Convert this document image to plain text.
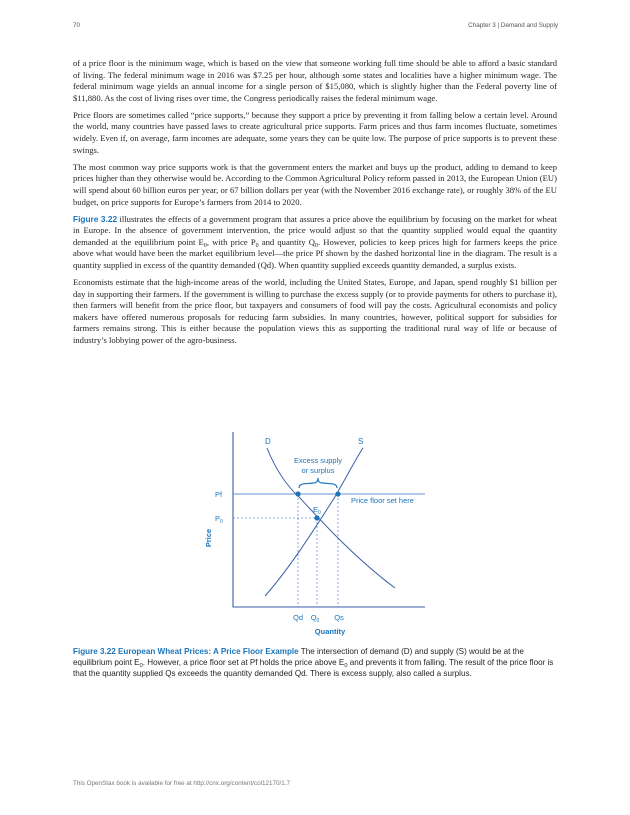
70	Chapter 3 | Demand and Supply

of a price floor is the minimum wage, which is based on the view that someone working full time should be able to afford a basic standard of living. The federal minimum wage in 2016 was $7.25 per hour, although some states and localities have a higher minimum wage. The federal minimum wage yields an annual income for a single person of $15,080, which is slightly higher than the Federal poverty line of $11,880. As the cost of living rises over time, the Congress periodically raises the federal minimum wage.

Price floors are sometimes called “price supports,” because they support a price by preventing it from falling below a certain level. Around the world, many countries have passed laws to create agricultural price supports. Farm prices and thus farm incomes fluctuate, sometimes widely. Even if, on average, farm incomes are adequate, some years they can be quite low. The purpose of price supports is to prevent these swings.

The most common way price supports work is that the government enters the market and buys up the product, adding to demand to keep prices higher than they otherwise would be. According to the Common Agricultural Policy reform passed in 2013, the European Union (EU) will spend about 60 billion euros per year, or 67 billion dollars per year (with the November 2016 exchange rate), or roughly 38% of the EU budget, on price supports for Europe’s farmers from 2014 to 2020.

Figure 3.22 illustrates the effects of a government program that assures a price above the equilibrium by focusing on the market for wheat in Europe. In the absence of government intervention, the price would adjust so that the quantity supplied would equal the quantity demanded at the equilibrium point $E_0$, with price $P_0$ and quantity $Q_0$. However, policies to keep prices high for farmers keeps the price above what would have been the market equilibrium level—the price Pf shown by the dashed horizontal line in the diagram. The result is a quantity supplied in excess of the quantity demanded (Qd). When quantity supplied exceeds quantity demanded, a surplus exists.

Economists estimate that the high-income areas of the world, including the United States, Europe, and Japan, spend roughly $1 billion per day in supporting their farmers. If the government is willing to purchase the excess supply (or to provide payments for others to purchase it), then farmers will benefit from the price floor, but taxpayers and consumers of food will pay the costs. Agricultural economists and policy makers have offered numerous proposals for reducing farm subsidies. In many countries, however, political support for subsidies for farmers remains strong. This is either because the population views this as supporting the traditional rural way of life or because of industry’s lobbying power of the agro-business.

D	S
Excess supply
or surplus
Pf
$P_0$
$E_0$
Price floor set here
Price
Qd $Q_0$ Qs
Quantity
Figure 3.22 European Wheat Prices: A Price Floor Example The intersection of demand (D) and supply (S) would be at the equilibrium point $E_0$. However, a price floor set at Pf holds the price above $E_0$ and prevents it from falling. The result of the price floor is that the quantity supplied Qs exceeds the quantity demanded Qd. There is excess supply, also called a surplus.
This OpenStax book is available for free at http://cnx.org/content/col12170/1.7
